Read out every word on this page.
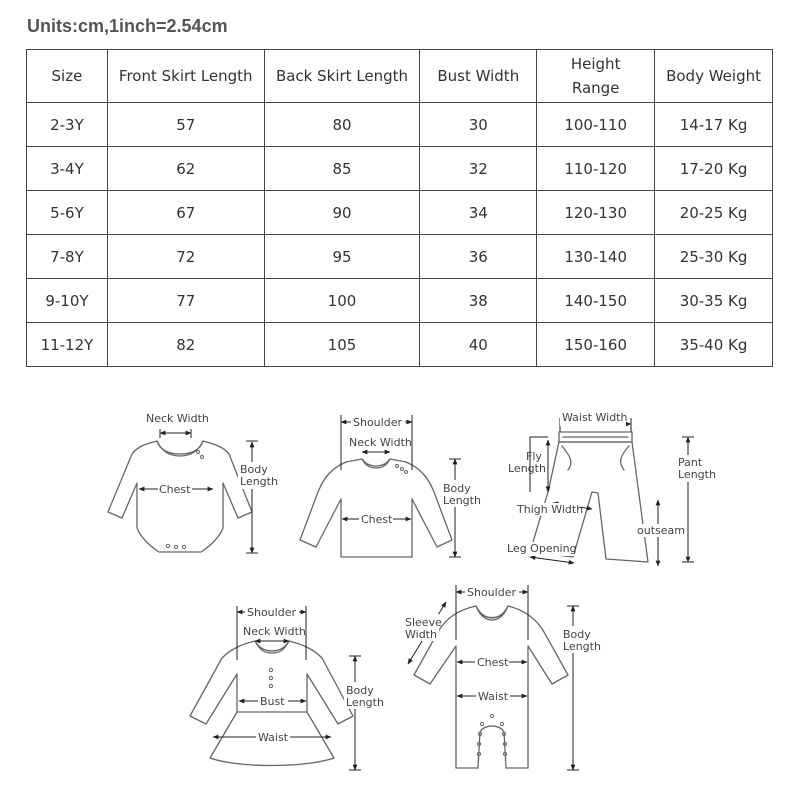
Units:cm,1inch=2.54cm
Size	Front Skirt Length	Back Skirt Length	Bust Width	Height Range	Body Weight
2-3Y	57	80	30	100-110	14-17 Kg
3-4Y	62	85	32	110-120	17-20 Kg
5-6Y	67	90	34	120-130	20-25 Kg
7-8Y	72	95	36	130-140	25-30 Kg
9-10Y	77	100	38	140-150	30-35 Kg
11-12Y	82	105	40	150-160	35-40 Kg
Neck Width
Chest
Body
Length
Shoulder
Neck Width
Chest
Body
Length
Waist Width
Fly
Length	Pant
Length
Thigh Width
outseam
Leg Opening
Shoulder
Neck Width
Bust
Waist
Body
Length
Shoulder
Sleeve
Width
Chest
Waist
Body
Length
